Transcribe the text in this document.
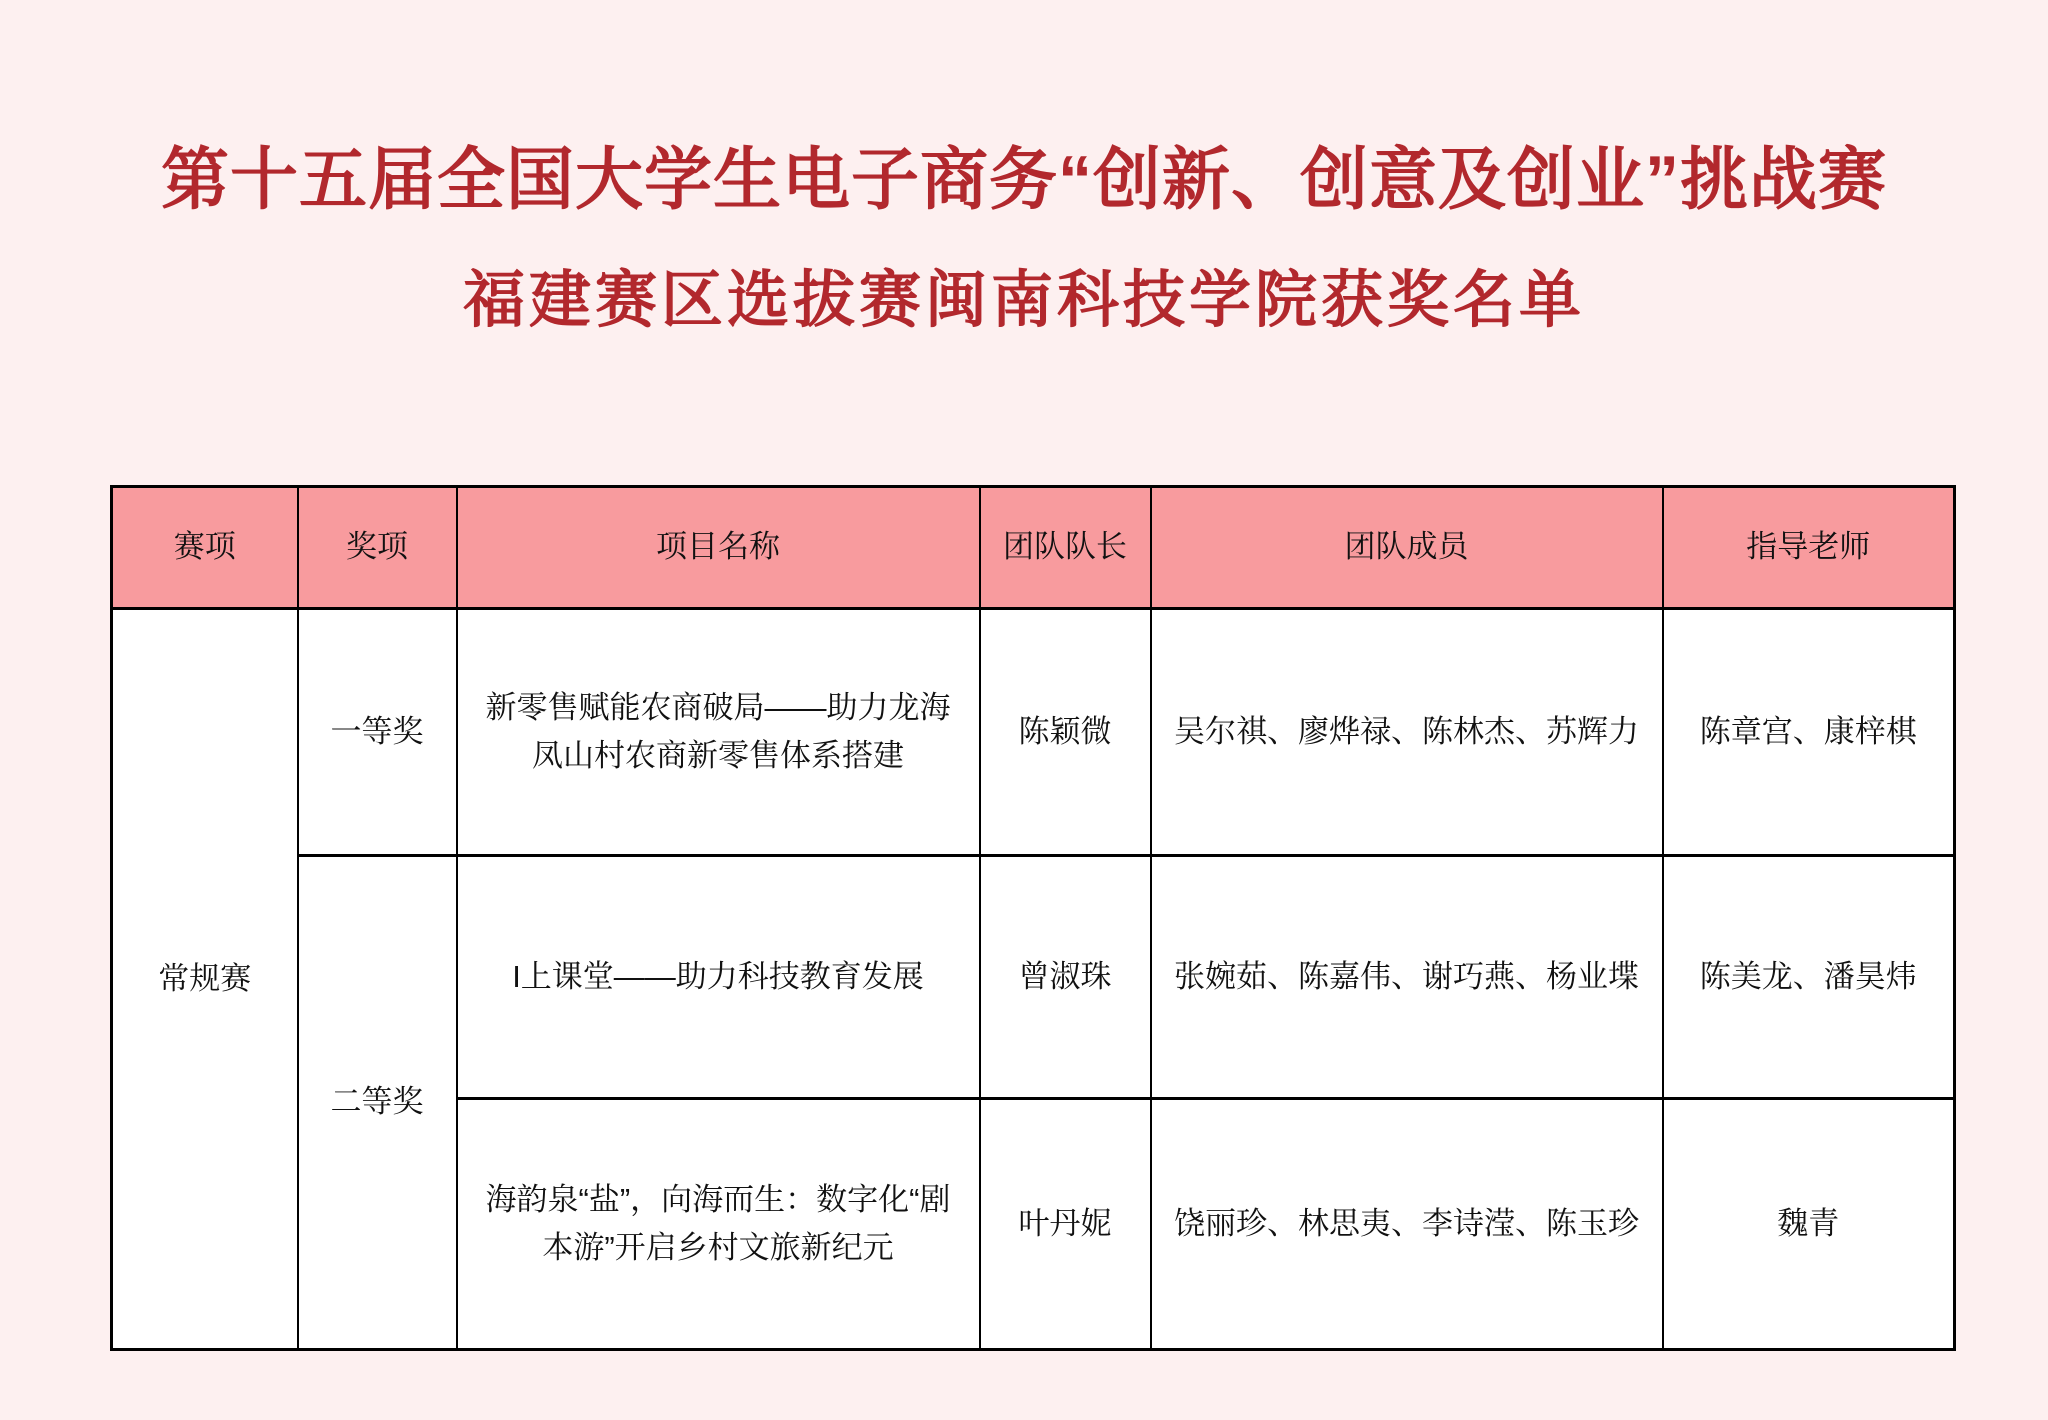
第十五届全国大学生电子商务“创新、创意及创业”挑战赛
福建赛区选拔赛闽南科技学院获奖名单
赛项	奖项	项目名称	团队队长	团队成员	指导老师
常规赛	一等奖	新零售赋能农商破局——助力龙海凤山村农商新零售体系搭建	陈颖微	吴尔祺、廖烨禄、陈林杰、苏辉力	陈章宫、康梓棋
	二等奖	I上课堂——助力科技教育发展	曾淑珠	张婉茹、陈嘉伟、谢巧燕、杨业堞	陈美龙、潘昊炜
		海韵泉“盐”，向海而生：数字化“剧本游”开启乡村文旅新纪元	叶丹妮	饶丽珍、林思夷、李诗滢、陈玉珍	魏青
